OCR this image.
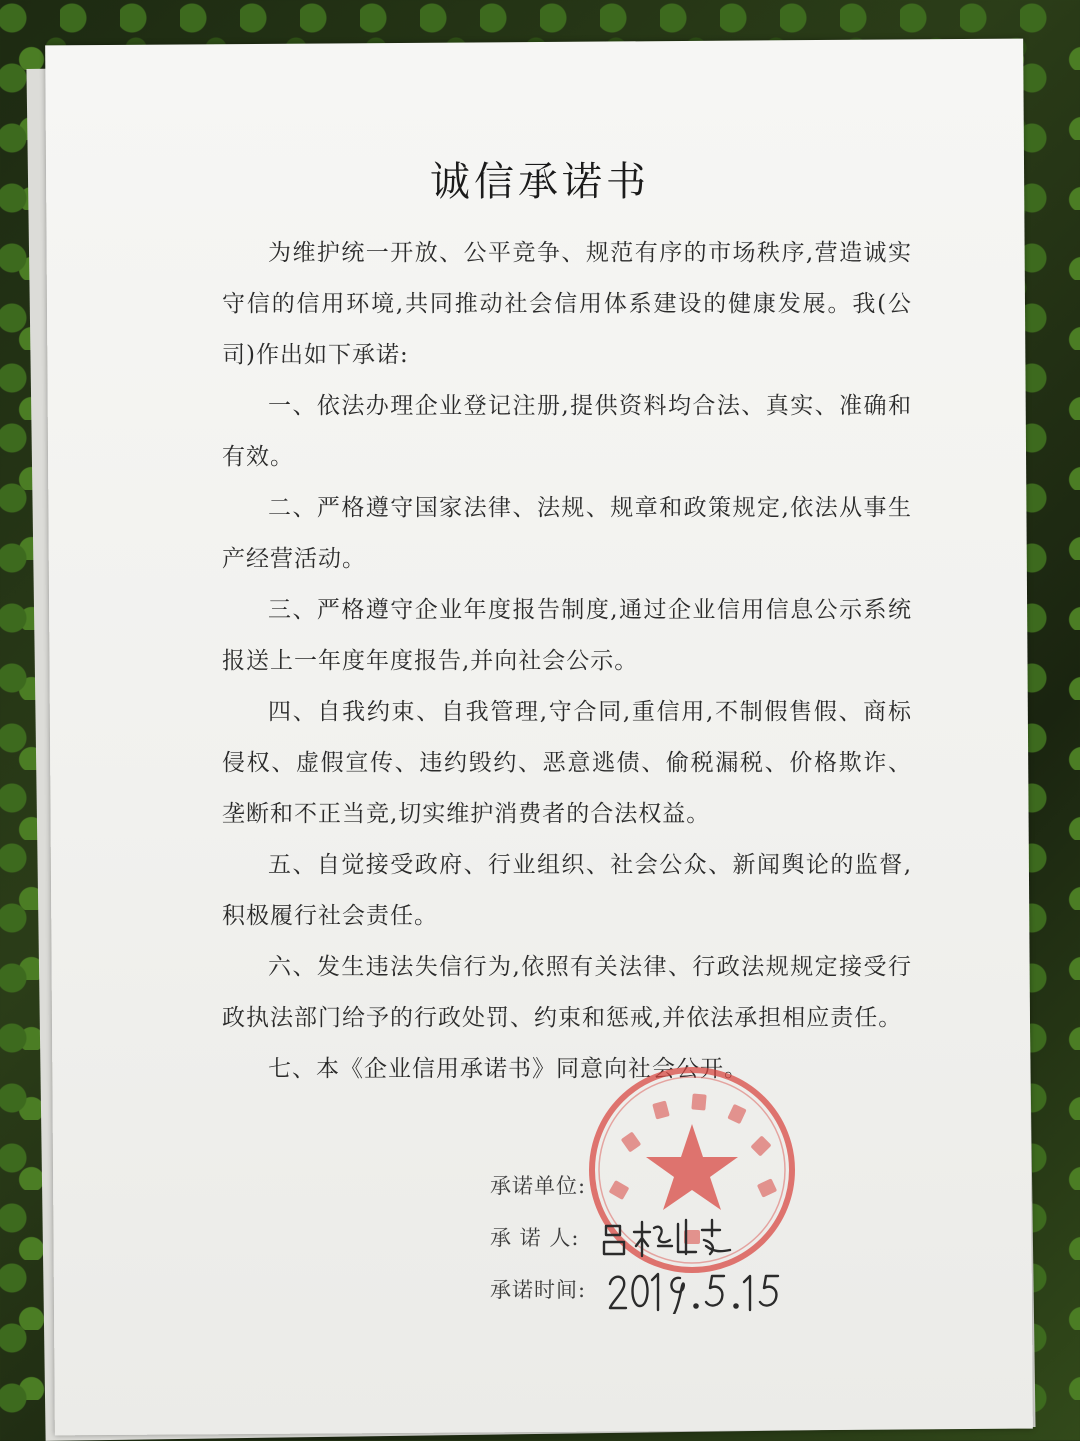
诚信承诺书

为维护统一开放、公平竞争、规范有序的市场秩序,营造诚实守信的信用环境,共同推动社会信用体系建设的健康发展。我(公司)作出如下承诺:

一、依法办理企业登记注册,提供资料均合法、真实、准确和有效。

二、严格遵守国家法律、法规、规章和政策规定,依法从事生产经营活动。

三、严格遵守企业年度报告制度,通过企业信用信息公示系统报送上一年度年度报告,并向社会公示。

四、自我约束、自我管理,守合同,重信用,不制假售假、商标侵权、虚假宣传、违约毁约、恶意逃债、偷税漏税、价格欺诈、垄断和不正当竞,切实维护消费者的合法权益。

五、自觉接受政府、行业组织、社会公众、新闻舆论的监督,积极履行社会责任。

六、发生违法失信行为,依照有关法律、行政法规规定接受行政执法部门给予的行政处罚、约束和惩戒,并依法承担相应责任。

七、本《企业信用承诺书》同意向社会公开。

承诺单位:
承 诺 人:
承诺时间:
